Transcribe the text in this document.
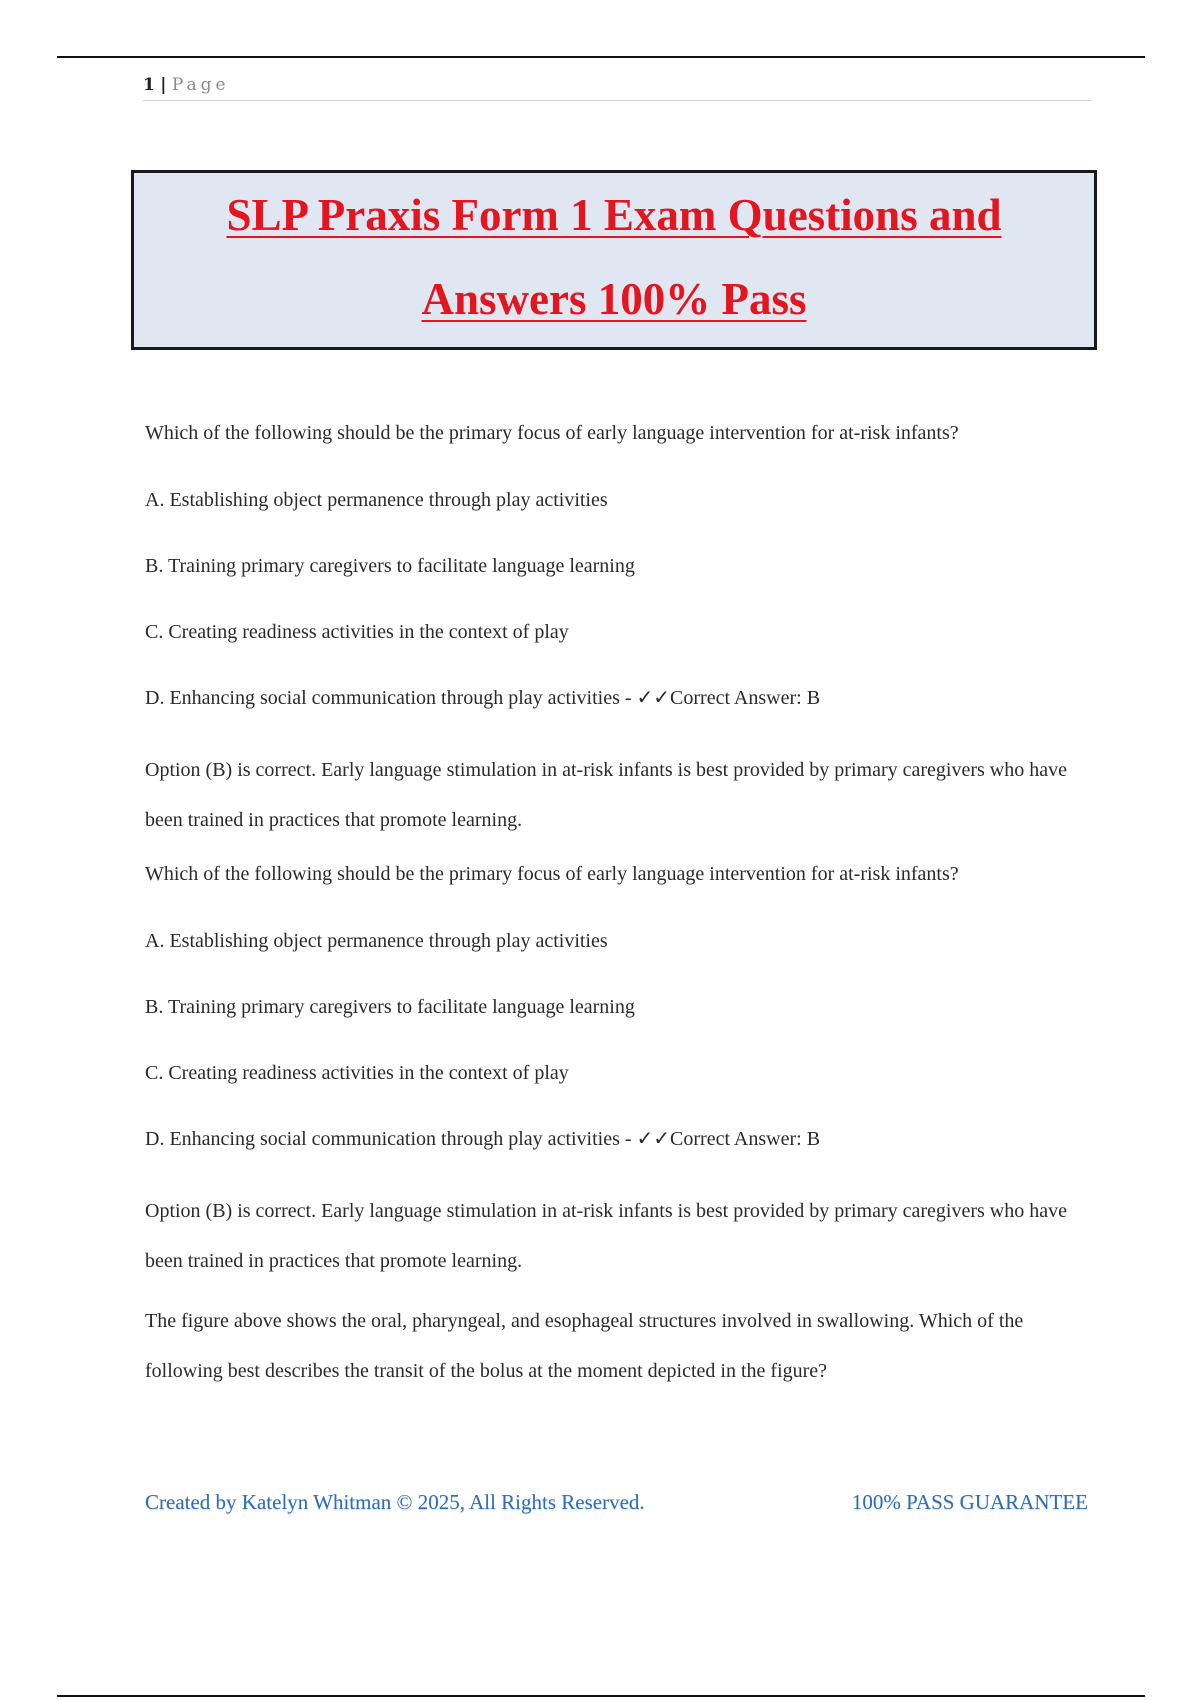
1 | Page
SLP Praxis Form 1 Exam Questions and
Answers 100% Pass

Which of the following should be the primary focus of early language intervention for at-risk infants?

A. Establishing object permanence through play activities

B. Training primary caregivers to facilitate language learning

C. Creating readiness activities in the context of play

D. Enhancing social communication through play activities - ✓✓Correct Answer: B

Option (B) is correct. Early language stimulation in at-risk infants is best provided by primary caregivers who have been trained in practices that promote learning.

Which of the following should be the primary focus of early language intervention for at-risk infants?

A. Establishing object permanence through play activities

B. Training primary caregivers to facilitate language learning

C. Creating readiness activities in the context of play

D. Enhancing social communication through play activities - ✓✓Correct Answer: B

Option (B) is correct. Early language stimulation in at-risk infants is best provided by primary caregivers who have been trained in practices that promote learning.

The figure above shows the oral, pharyngeal, and esophageal structures involved in swallowing. Which of the following best describes the transit of the bolus at the moment depicted in the figure?

Created by Katelyn Whitman © 2025, All Rights Reserved.	100% PASS GUARANTEE
